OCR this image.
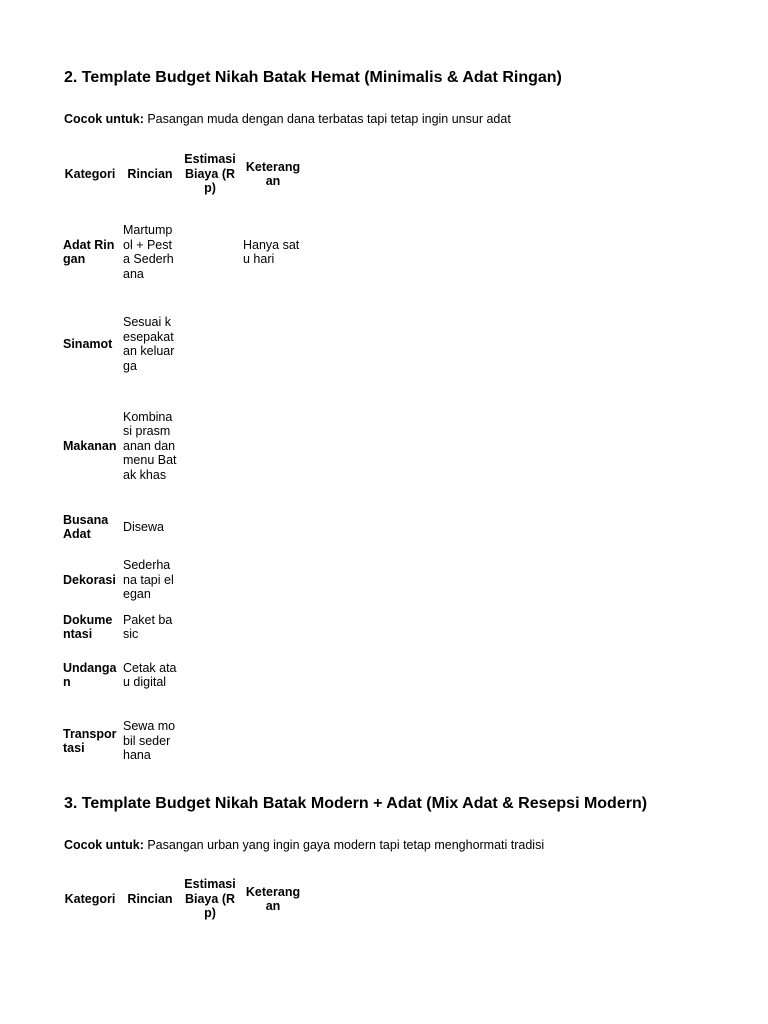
2. Template Budget Nikah Batak Hemat (Minimalis & Adat Ringan)

Cocok untuk: Pasangan muda dengan dana terbatas tapi tetap ingin unsur adat

Kategori	Rincian	Estimasi Biaya (Rp)	Keterangan
Adat Ringan	Martumpol + Pesta Sederhana		Hanya satu hari
Sinamot	Sesuai kesepakatan keluarga		
Makanan	Kombinasi prasmanan dan menu Batak khas		
Busana Adat	Disewa		
Dekorasi	Sederhana tapi elegan		
Dokumentasi	Paket basic		
Undangan	Cetak atau digital		
Transportasi	Sewa mobil sederhana		
3. Template Budget Nikah Batak Modern + Adat (Mix Adat & Resepsi Modern)

Cocok untuk: Pasangan urban yang ingin gaya modern tapi tetap menghormati tradisi

Kategori	Rincian	Estimasi Biaya (Rp)	Keterangan
